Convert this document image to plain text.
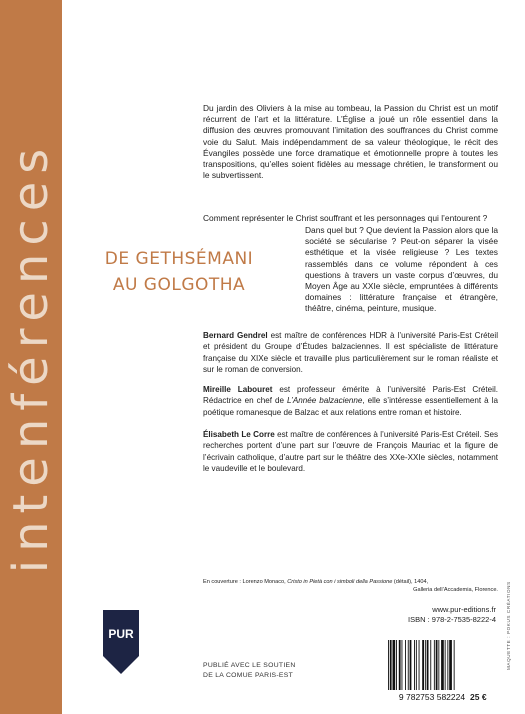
intenférences
Du jardin des Oliviers à la mise au tombeau, la Passion du Christ est un motif récurrent de l’art et la littérature. L’Église a joué un rôle essentiel dans la diffusion des œuvres promouvant l’imitation des souffrances du Christ comme voie du Salut. Mais indépendamment de sa valeur théologique, le récit des Évangiles possède une force dramatique et émotionnelle propre à toutes les transpositions, qu’elles soient fidèles au message chrétien, le transforment ou le subvertissent.
Comment représenter le Christ souffrant et les personnages qui l’entourent ?
Dans quel but ? Que devient la Passion alors que la société se sécularise ? Peut-on séparer la visée esthétique et la visée religieuse ? Les textes rassemblés dans ce volume répondent à ces questions à travers un vaste corpus d’œuvres, du Moyen Âge au XXIe siècle, empruntées à différents domaines : littérature française et étrangère, théâtre, cinéma, peinture, musique.
DE GETHSÉMANI
AU GOLGOTHA
Bernard Gendrel est maître de conférences HDR à l’université Paris-Est Créteil et président du Groupe d’Études balzaciennes. Il est spécialiste de littérature française du XIXe siècle et travaille plus particulièrement sur le roman réaliste et sur le roman de conversion.
Mireille Labouret est professeur émérite à l’université Paris-Est Créteil. Rédactrice en chef de L’Année balzacienne, elle s’intéresse essentiellement à la poétique romanesque de Balzac et aux relations entre roman et histoire.
Élisabeth Le Corre est maître de conférences à l’université Paris-Est Créteil. Ses recherches portent d’une part sur l’œuvre de François Mauriac et la figure de l’écrivain catholique, d’autre part sur le théâtre des XXe-XXIe siècles, notamment le vaudeville et le boulevard.
En couverture : Lorenzo Monaco, Cristo in Pietà con i simboli della Passione (détail), 1404,
Galleria dell’Accademia, Florence.
www.pur-editions.fr
ISBN : 978-2-7535-8222-4
PUR
PUBLIÉ AVEC LE SOUTIEN
DE LA COMUE PARIS-EST
9 782753 582224 25 €
MAQUETTE : POKUS CRÉATIONS
